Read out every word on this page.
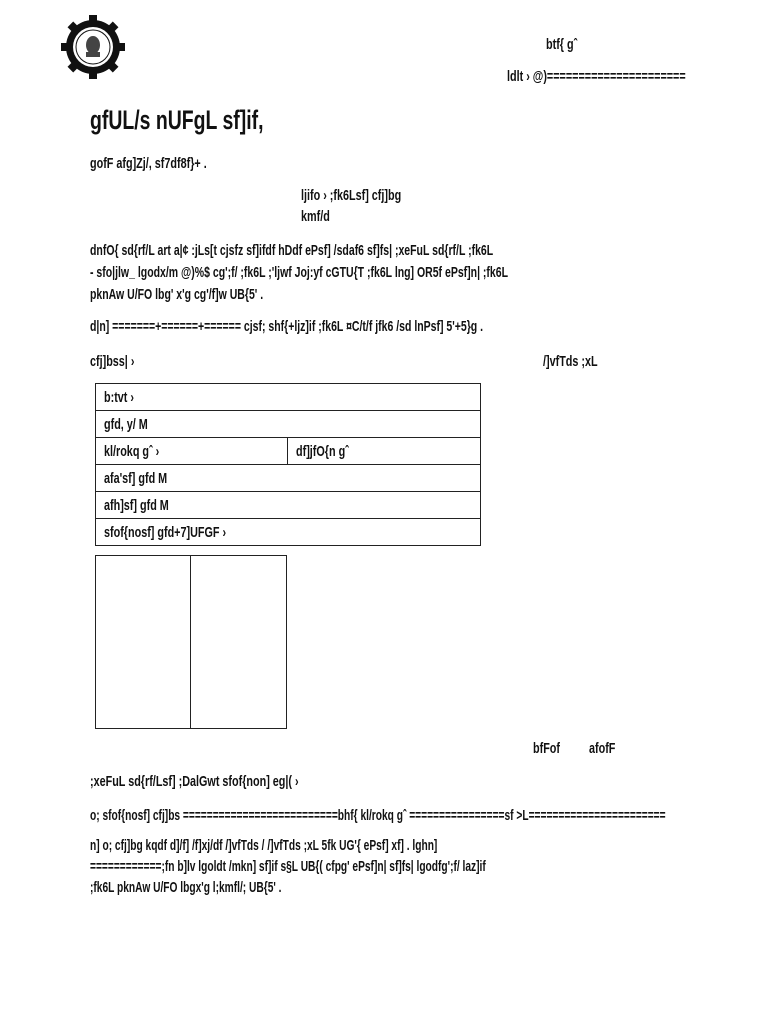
btf{ gˆ
ldlt › @)======================
gfUL/s nUFgL sf]if,
gofF afg]Zj/, sf7df8f}+ .
ljifo › ;fk6Lsf] cfj]bg
kmf/d
dnfO{ sd{rf/L art a|¢ :jLs[t cjsfz sf]ifdf hDdf ePsf] /sdaf6 sf]fs| ;xeFuL sd{rf/L ;fk6L
- sfo|jlw_ lgodx/m @)%$ cg';f/ ;fk6L ;'ljwf Joj:yf cGTU{T ;fk6L lng] OR5f ePsf]n| ;fk6L
pknAw U/FO lbg' x'g cg'/f]w UB{5' .
d|n] =======+======+====== cjsf; shf{+ljz]if ;fk6L ¤C/t/f jfk6 /sd lnPsf] 5'+5}g .
cfj]bss| ›	/]vfTds ;xL
b:tvt ›
gfd, y/ M
kl/rokq gˆ ›	df]jfO{n gˆ
afa'sf] gfd M
afh]sf] gfd M
sfof{nosf] gfd+7]UFGF ›
bfFof	afofF
;xeFuL sd{rf/Lsf] ;DalGwt sfof{non] eg|( ›
o; sfof{nosf] cfj]bs ==========================bhf{ kl/rokq gˆ ================sf >L=======================
n] o; cfj]bg kqdf d]/f] /f]xj/df /]vfTds / /]vfTds ;xL 5fk UG'{ ePsf] xf] . lghn]
============;fn b]lv lgoldt /mkn] sf]if s§L UB{( cfpg' ePsf]n| sf]fs| lgodfg';f/ laz]if
;fk6L pknAw U/FO lbgx'g l;kmfl/; UB{5' .
